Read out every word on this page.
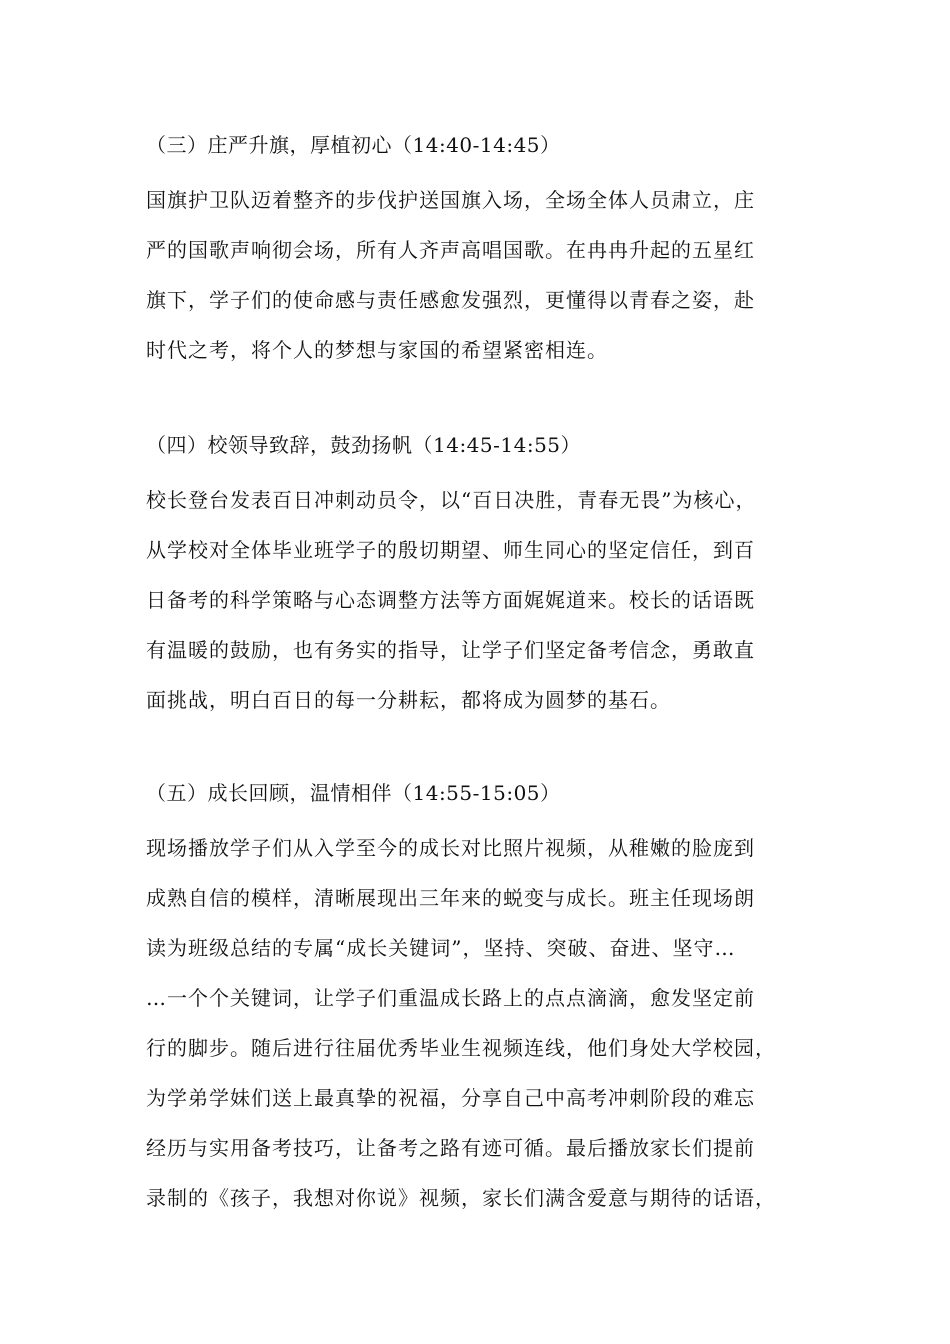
（三）庄严升旗，厚植初心（14:40-14:45）
国旗护卫队迈着整齐的步伐护送国旗入场，全场全体人员肃立，庄
严的国歌声响彻会场，所有人齐声高唱国歌。在冉冉升起的五星红
旗下，学子们的使命感与责任感愈发强烈，更懂得以青春之姿，赴
时代之考，将个人的梦想与家国的希望紧密相连。
（四）校领导致辞，鼓劲扬帆（14:45-14:55）
校长登台发表百日冲刺动员令，以“百日决胜，青春无畏”为核心，
从学校对全体毕业班学子的殷切期望、师生同心的坚定信任，到百
日备考的科学策略与心态调整方法等方面娓娓道来。校长的话语既
有温暖的鼓励，也有务实的指导，让学子们坚定备考信念，勇敢直
面挑战，明白百日的每一分耕耘，都将成为圆梦的基石。
（五）成长回顾，温情相伴（14:55-15:05）
现场播放学子们从入学至今的成长对比照片视频，从稚嫩的脸庞到
成熟自信的模样，清晰展现出三年来的蜕变与成长。班主任现场朗
读为班级总结的专属“成长关键词”，坚持、突破、奋进、坚守…
…一个个关键词，让学子们重温成长路上的点点滴滴，愈发坚定前
行的脚步。随后进行往届优秀毕业生视频连线，他们身处大学校园，
为学弟学妹们送上最真挚的祝福，分享自己中高考冲刺阶段的难忘
经历与实用备考技巧，让备考之路有迹可循。最后播放家长们提前
录制的《孩子，我想对你说》视频，家长们满含爱意与期待的话语，
